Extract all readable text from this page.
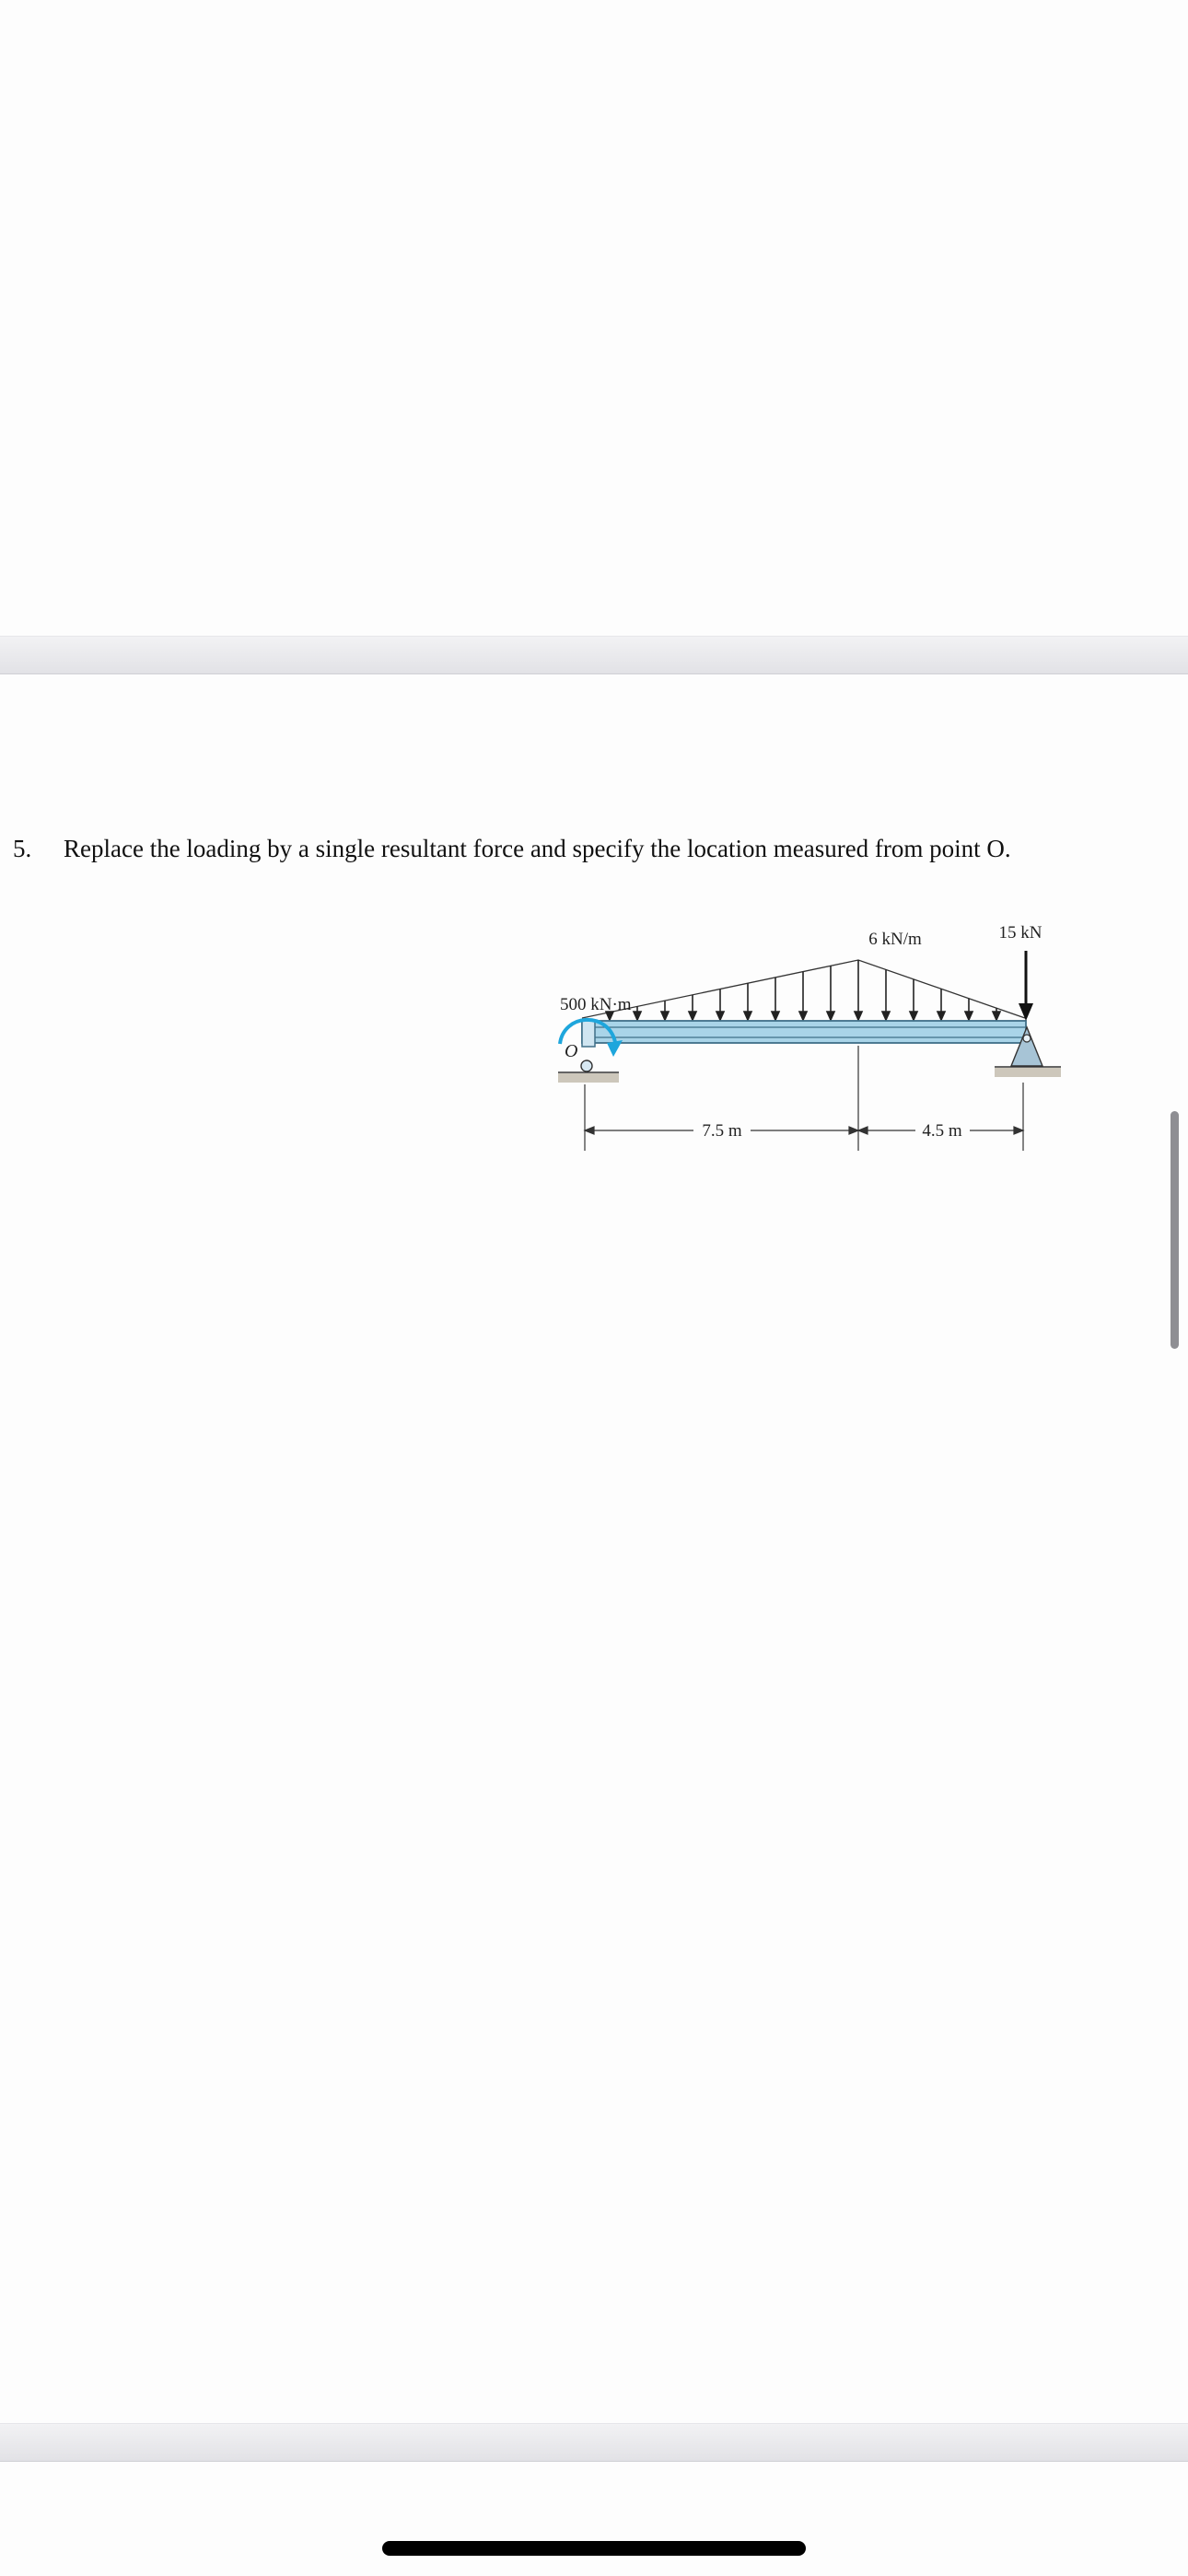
5. Replace the loading by a single resultant force and specify the location measured from point O.
6 kN/m	15 kN
500 kN·m
O
7.5 m	4.5 m
